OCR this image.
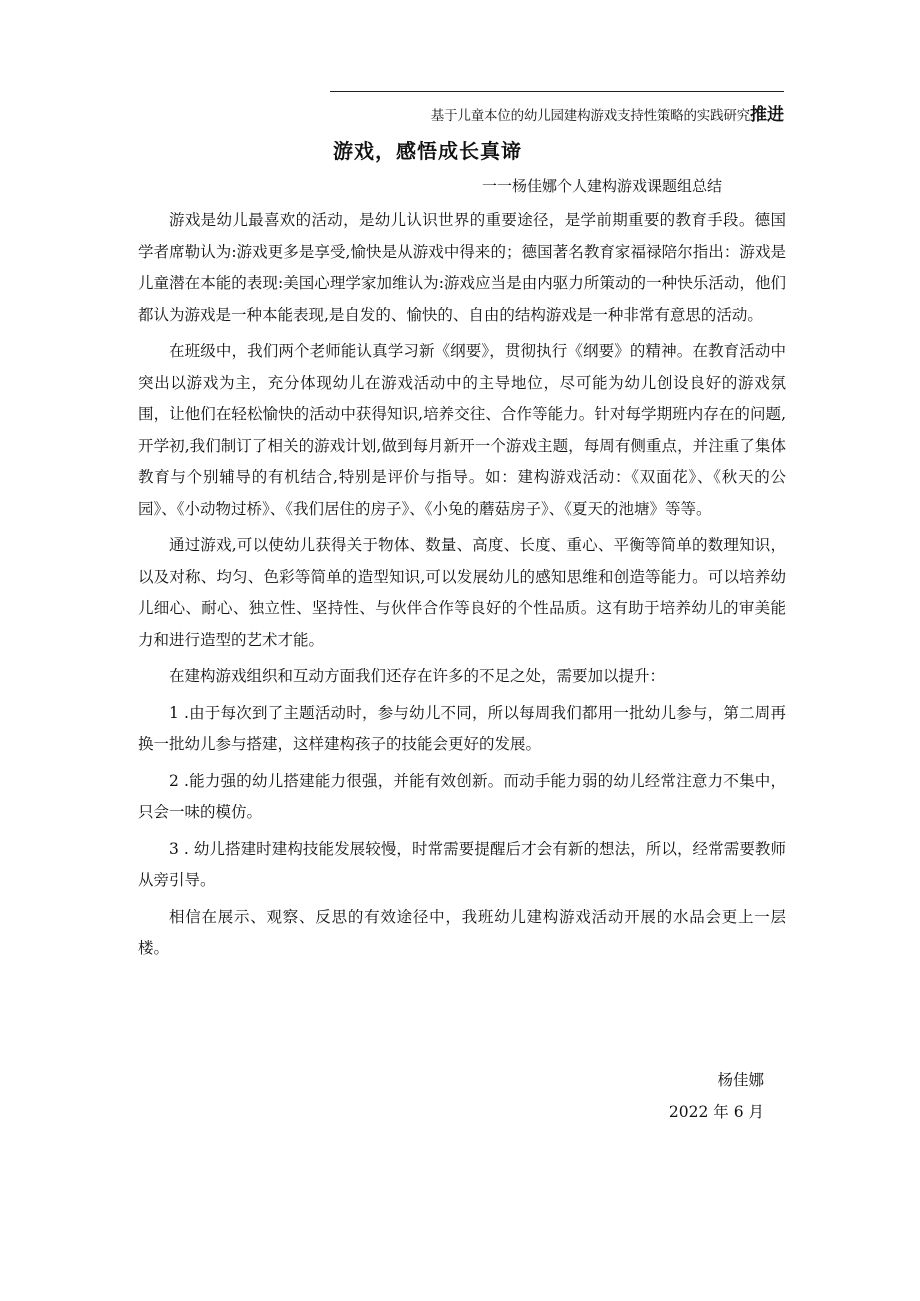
基于儿童本位的幼儿园建构游戏支持性策略的实践研究推进
游戏，感悟成长真谛
一一杨佳娜个人建构游戏课题组总结

游戏是幼儿最喜欢的活动，是幼儿认识世界的重要途径，是学前期重要的教育手段。德国学者席勒认为:游戏更多是享受,愉快是从游戏中得来的；德国著名教育家福禄陪尔指出：游戏是儿童潜在本能的表现:美国心理学家加维认为:游戏应当是由内驱力所策动的一种快乐活动，他们都认为游戏是一种本能表现,是自发的、愉快的、自由的结构游戏是一种非常有意思的活动。

在班级中，我们两个老师能认真学习新《纲要》，贯彻执行《纲要》的精神。在教育活动中突出以游戏为主，充分体现幼儿在游戏活动中的主导地位，尽可能为幼儿创设良好的游戏氛围，让他们在轻松愉快的活动中获得知识,培养交往、合作等能力。针对每学期班内存在的问题,开学初,我们制订了相关的游戏计划,做到每月新开一个游戏主题，每周有侧重点，并注重了集体教育与个别辅导的有机结合,特别是评价与指导。如：建构游戏活动：《双面花》、《秋天的公园》、《小动物过桥》、《我们居住的房子》、《小兔的蘑菇房子》、《夏天的池塘》等等。

通过游戏,可以使幼儿获得关于物体、数量、高度、长度、重心、平衡等简单的数理知识，以及对称、均匀、色彩等简单的造型知识,可以发展幼儿的感知思维和创造等能力。可以培养幼儿细心、耐心、独立性、坚持性、与伙伴合作等良好的个性品质。这有助于培养幼儿的审美能力和进行造型的艺术才能。

在建构游戏组织和互动方面我们还存在许多的不足之处，需要加以提升：

1 .由于每次到了主题活动时，参与幼儿不同，所以每周我们都用一批幼儿参与，第二周再换一批幼儿参与搭建，这样建构孩子的技能会更好的发展。

2 .能力强的幼儿搭建能力很强，并能有效创新。而动手能力弱的幼儿经常注意力不集中，只会一味的模仿。

3 . 幼儿搭建时建构技能发展较慢，时常需要提醒后才会有新的想法，所以，经常需要教师从旁引导。

相信在展示、观察、反思的有效途径中，我班幼儿建构游戏活动开展的水品会更上一层楼。

杨佳娜
2022 年 6 月
